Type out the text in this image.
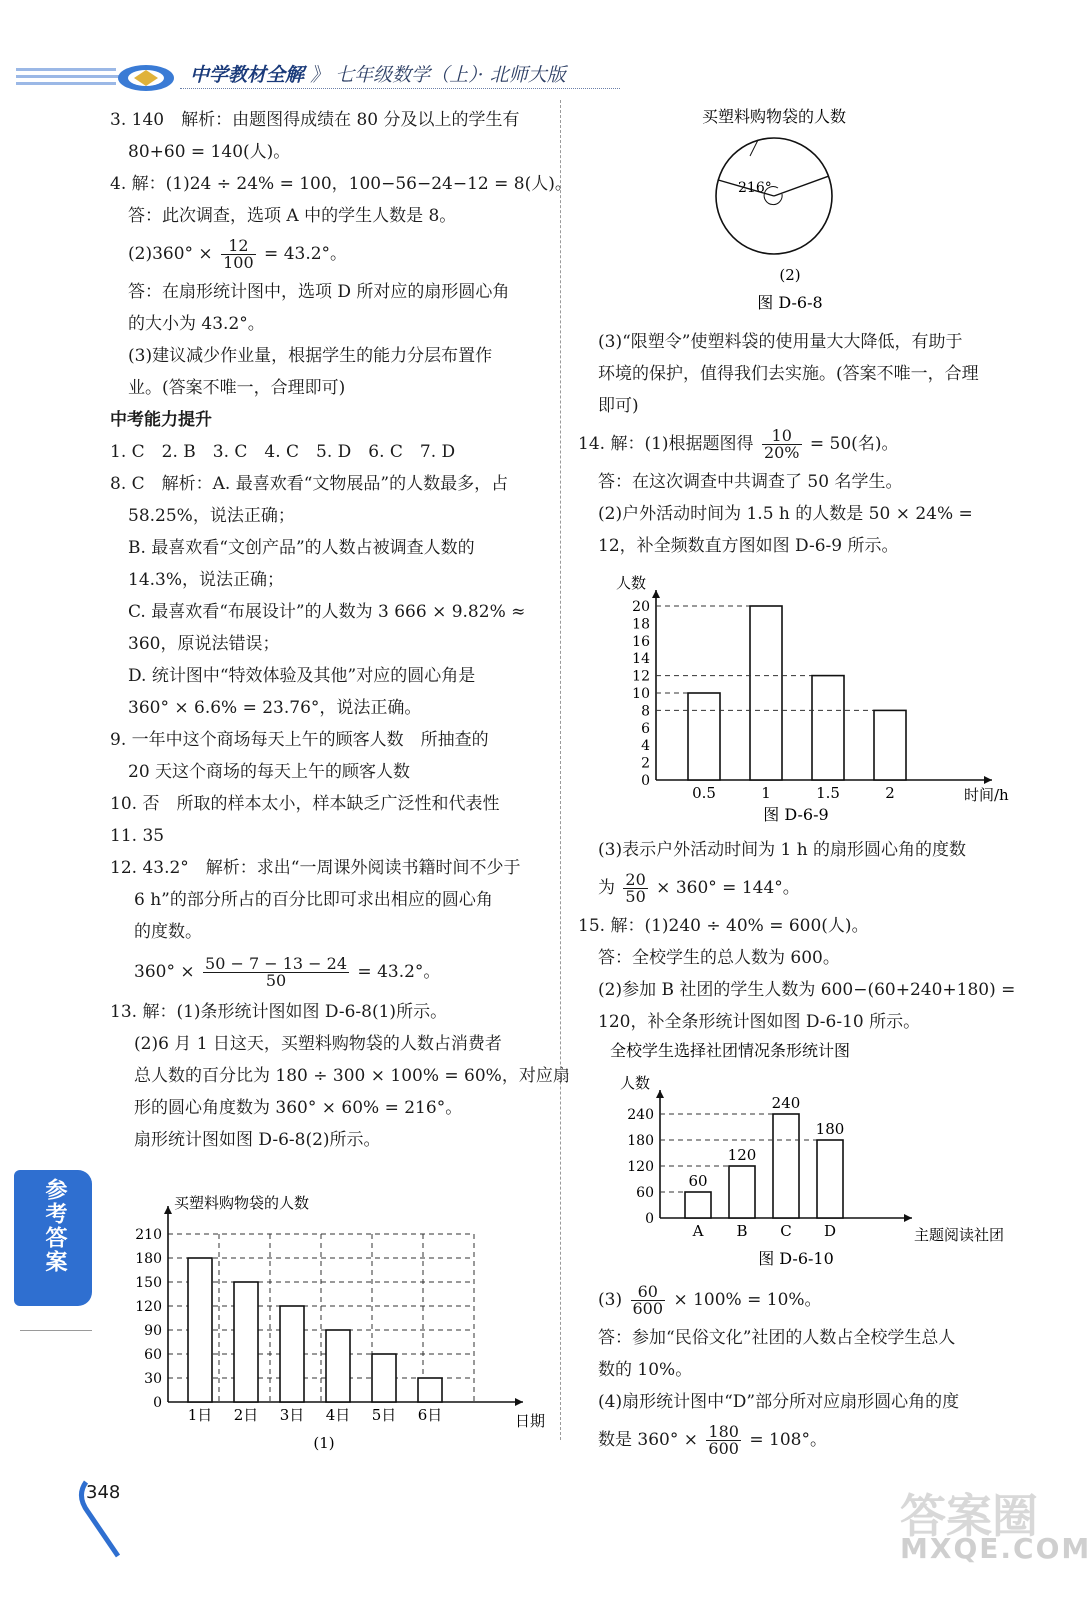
中学教材全解 》 七年级数学（上）· 北师大版

3. 140　解析：由题图得成绩在 80 分及以上的学生有

80+60 = 140(人)。

4. 解：(1)24 ÷ 24% = 100，100−56−24−12 = 8(人)。

答：此次调查，选项 A 中的学生人数是 8。

$(2)360^\circ \times \frac{12}{100} = 43.2^\circ$。

答：在扇形统计图中，选项 D 所对应的扇形圆心角

的大小为 43.2°。

(3)建议减少作业量，根据学生的能力分层布置作

业。(答案不唯一，合理即可)

中考能力提升

1. C　2. B　3. C　4. C　5. D　6. C　7. D

8. C　解析：A. 最喜欢看“文物展品”的人数最多，占

58.25%，说法正确；

B. 最喜欢看“文创产品”的人数占被调查人数的

14.3%，说法正确；

C. 最喜欢看“布展设计”的人数为 3 666 × 9.82% ≈

360，原说法错误；

D. 统计图中“特效体验及其他”对应的圆心角是

360° × 6.6% = 23.76°，说法正确。

9. 一年中这个商场每天上午的顾客人数　所抽查的

20 天这个商场的每天上午的顾客人数

10. 否　所取的样本太小，样本缺乏广泛性和代表性

11. 35

12. 43.2°　解析：求出“一周课外阅读书籍时间不少于

6 h”的部分所占的百分比即可求出相应的圆心角

的度数。

$360^\circ \times \frac{50 - 7 - 13 - 24}{50} = 43.2^\circ$。

13. 解：(1)条形统计图如图 D-6-8(1)所示。

(2)6 月 1 日这天，买塑料购物袋的人数占消费者

总人数的百分比为 180 ÷ 300 × 100% = 60%，对应扇

形的圆心角度数为 360° × 60% = 216°。

扇形统计图如图 D-6-8(2)所示。

买塑料购物袋的人数
0
30
60
90
120
150
180
210
1日 2日 3日 4日 5日 6日	日期
(1)
买塑料购物袋的人数
216°
(2)
图 D-6-8

(3)“限塑令”使塑料袋的使用量大大降低，有助于

环境的保护，值得我们去实施。(答案不唯一，合理

即可)

14. 解：(1)根据题图得 $\frac{10}{20\%} = 50$(名)。

答：在这次调查中共调查了 50 名学生。

(2)户外活动时间为 1.5 h 的人数是 50 × 24% =

12，补全频数直方图如图 D-6-9 所示。

人数
0
2
4
6
8
10
12
14
16
18
20
0.5	1	1.5	2	时间/h
图 D-6-9

(3)表示户外活动时间为 1 h 的扇形圆心角的度数

为 $\frac{20}{50} \times 360^\circ = 144^\circ$。

15. 解：(1)240 ÷ 40% = 600(人)。

答：全校学生的总人数为 600。

(2)参加 B 社团的学生人数为 600−(60+240+180) =

120，补全条形统计图如图 D-6-10 所示。

全校学生选择社团情况条形统计图
人数
0
60
120
180
240
60
A
120
B
240
C
180
D	主题阅读社团
图 D-6-10

$(3) \frac{60}{600} \times 100\% = 10\%$。

答：参加“民俗文化”社团的人数占全校学生总人

数的 10%。

(4)扇形统计图中“D”部分所对应扇形圆心角的度

数是 $360^\circ \times \frac{180}{600} = 108^\circ$。

参考答案
348	答案圈
MXQE.COM
